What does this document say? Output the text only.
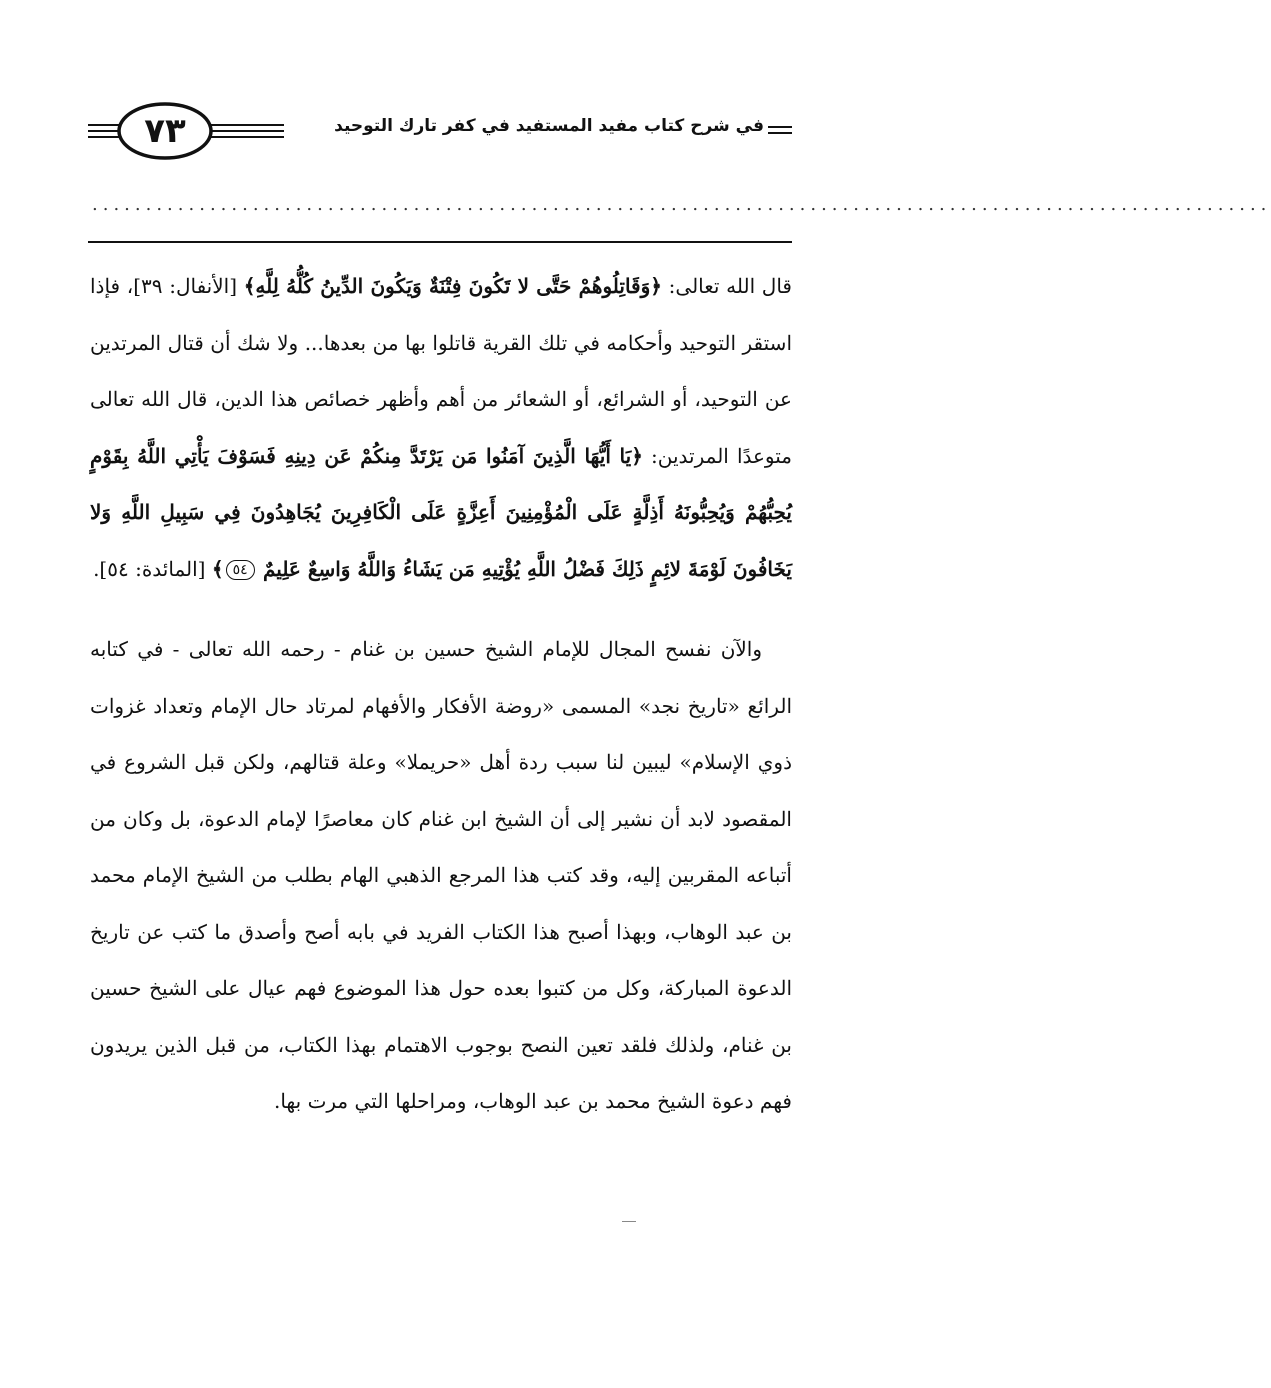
٧٣	في شرح كتاب مفيد المستفيد في كفر تارك التوحيد
..............................................................................................................

قال الله تعالى: ﴿وَقَاتِلُوهُمْ حَتَّى لا تَكُونَ فِتْنَةٌ وَيَكُونَ الدِّينُ كُلُّهُ لِلَّهِ﴾ [الأنفال: ٣٩]، فإذا استقر التوحيد وأحكامه في تلك القرية قاتلوا بها من بعدها... ولا شك أن قتال المرتدين عن التوحيد، أو الشرائع، أو الشعائر من أهم وأظهر خصائص هذا الدين، قال الله تعالى متوعدًا المرتدين: ﴿يَا أَيُّهَا الَّذِينَ آمَنُوا مَن يَرْتَدَّ مِنكُمْ عَن دِينِهِ فَسَوْفَ يَأْتِي اللَّهُ بِقَوْمٍ يُحِبُّهُمْ وَيُحِبُّونَهُ أَذِلَّةٍ عَلَى الْمُؤْمِنِينَ أَعِزَّةٍ عَلَى الْكَافِرِينَ يُجَاهِدُونَ فِي سَبِيلِ اللَّهِ وَلا يَخَافُونَ لَوْمَةَ لائِمٍ ذَلِكَ فَضْلُ اللَّهِ يُؤْتِيهِ مَن يَشَاءُ وَاللَّهُ وَاسِعٌ عَلِيمٌ ٥٤﴾ [المائدة: ٥٤].

والآن نفسح المجال للإمام الشيخ حسين بن غنام - رحمه الله تعالى - في كتابه الرائع «تاريخ نجد» المسمى «روضة الأفكار والأفهام لمرتاد حال الإمام وتعداد غزوات ذوي الإسلام» ليبين لنا سبب ردة أهل «حريملا» وعلة قتالهم، ولكن قبل الشروع في المقصود لابد أن نشير إلى أن الشيخ ابن غنام كان معاصرًا لإمام الدعوة، بل وكان من أتباعه المقربين إليه، وقد كتب هذا المرجع الذهبي الهام بطلب من الشيخ الإمام محمد بن عبد الوهاب، وبهذا أصبح هذا الكتاب الفريد في بابه أصح وأصدق ما كتب عن تاريخ الدعوة المباركة، وكل من كتبوا بعده حول هذا الموضوع فهم عيال على الشيخ حسين بن غنام، ولذلك فلقد تعين النصح بوجوب الاهتمام بهذا الكتاب، من قبل الذين يريدون فهم دعوة الشيخ محمد بن عبد الوهاب، ومراحلها التي مرت بها.
